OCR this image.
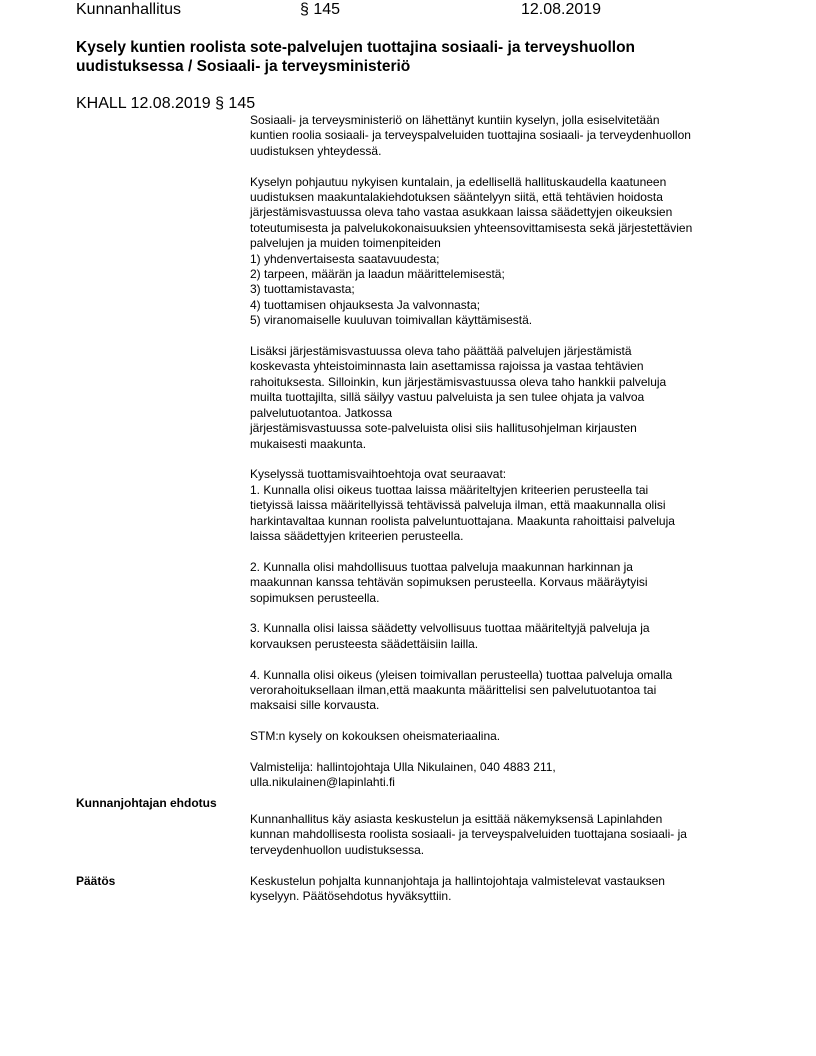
Kunnanhallitus	§ 145	12.08.2019
Kysely kuntien roolista sote-palvelujen tuottajina sosiaali- ja terveyshuollon
uudistuksessa / Sosiaali- ja terveysministeriö
KHALL 12.08.2019 § 145

Sosiaali- ja terveysministeriö on lähettänyt kuntiin kyselyn, jolla esiselvitetään
kuntien roolia sosiaali- ja terveyspalveluiden tuottajina sosiaali- ja terveydenhuollon
uudistuksen yhteydessä.

Kyselyn pohjautuu nykyisen kuntalain, ja edellisellä hallituskaudella kaatuneen
uudistuksen maakuntalakiehdotuksen sääntelyyn siitä, että tehtävien hoidosta
järjestämisvastuussa oleva taho vastaa asukkaan laissa säädettyjen oikeuksien
toteutumisesta ja palvelukokonaisuuksien yhteensovittamisesta sekä järjestettävien
palvelujen ja muiden toimenpiteiden
1) yhdenvertaisesta saatavuudesta;
2) tarpeen, määrän ja laadun määrittelemisestä;
3) tuottamistavasta;
4) tuottamisen ohjauksesta Ja valvonnasta;
5) viranomaiselle kuuluvan toimivallan käyttämisestä.

Lisäksi järjestämisvastuussa oleva taho päättää palvelujen järjestämistä
koskevasta yhteistoiminnasta lain asettamissa rajoissa ja vastaa tehtävien
rahoituksesta. Silloinkin, kun järjestämisvastuussa oleva taho hankkii palveluja
muilta tuottajilta, sillä säilyy vastuu palveluista ja sen tulee ohjata ja valvoa
palvelutuotantoa. Jatkossa
järjestämisvastuussa sote-palveluista olisi siis hallitusohjelman kirjausten
mukaisesti maakunta.

Kyselyssä tuottamisvaihtoehtoja ovat seuraavat:
1. Kunnalla olisi oikeus tuottaa laissa määriteltyjen kriteerien perusteella tai
tietyissä laissa määritellyissä tehtävissä palveluja ilman, että maakunnalla olisi
harkintavaltaa kunnan roolista palveluntuottajana. Maakunta rahoittaisi palveluja
laissa säädettyjen kriteerien perusteella.

2. Kunnalla olisi mahdollisuus tuottaa palveluja maakunnan harkinnan ja
maakunnan kanssa tehtävän sopimuksen perusteella. Korvaus määräytyisi
sopimuksen perusteella.

3. Kunnalla olisi laissa säädetty velvollisuus tuottaa määriteltyjä palveluja ja
korvauksen perusteesta säädettäisiin lailla.

4. Kunnalla olisi oikeus (yleisen toimivallan perusteella) tuottaa palveluja omalla
verorahoituksellaan ilman,että maakunta määrittelisi sen palvelutuotantoa tai
maksaisi sille korvausta.

STM:n kysely on kokouksen oheismateriaalina.

Valmistelija: hallintojohtaja Ulla Nikulainen, 040 4883 211,
ulla.nikulainen@lapinlahti.fi

Kunnanjohtajan ehdotus
Kunnanhallitus käy asiasta keskustelun ja esittää näkemyksensä Lapinlahden
kunnan mahdollisesta roolista sosiaali- ja terveyspalveluiden tuottajana sosiaali- ja
terveydenhuollon uudistuksessa.
Päätös	Keskustelun pohjalta kunnanjohtaja ja hallintojohtaja valmistelevat vastauksen
kyselyyn. Päätösehdotus hyväksyttiin.
